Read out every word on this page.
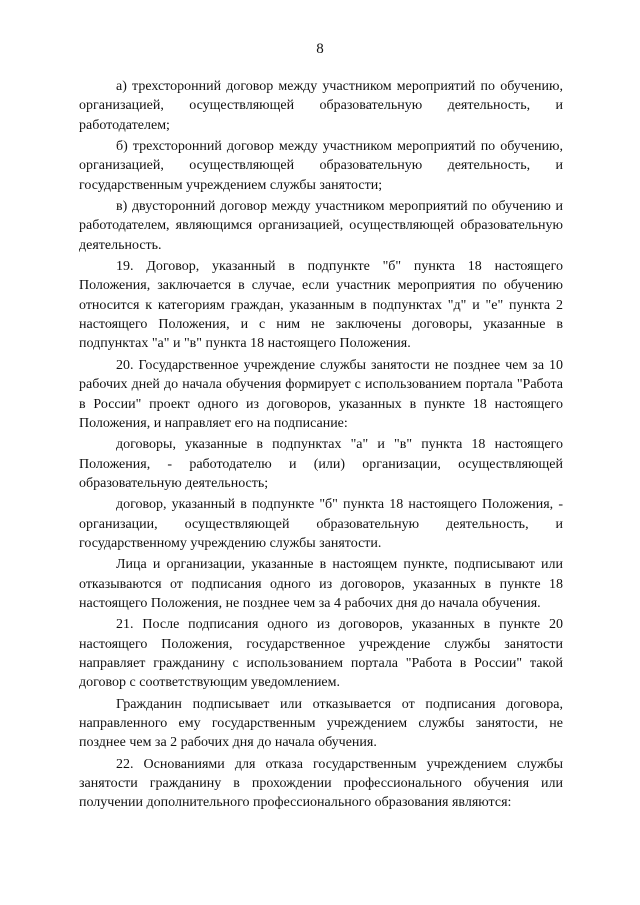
8

а) трехсторонний договор между участником мероприятий по обучению, организацией, осуществляющей образовательную деятельность, и работодателем;

б) трехсторонний договор между участником мероприятий по обучению, организацией, осуществляющей образовательную деятельность, и государственным учреждением службы занятости;

в) двусторонний договор между участником мероприятий по обучению и работодателем, являющимся организацией, осуществляющей образовательную деятельность.

19. Договор, указанный в подпункте "б" пункта 18 настоящего Положения, заключается в случае, если участник мероприятия по обучению относится к категориям граждан, указанным в подпунктах "д" и "е" пункта 2 настоящего Положения, и с ним не заключены договоры, указанные в подпунктах "а" и "в" пункта 18 настоящего Положения.

20. Государственное учреждение службы занятости не позднее чем за 10 рабочих дней до начала обучения формирует с использованием портала "Работа в России" проект одного из договоров, указанных в пункте 18 настоящего Положения, и направляет его на подписание:

договоры, указанные в подпунктах "а" и "в" пункта 18 настоящего Положения, - работодателю и (или) организации, осуществляющей образовательную деятельность;

договор, указанный в подпункте "б" пункта 18 настоящего Положения, - организации, осуществляющей образовательную деятельность, и государственному учреждению службы занятости.

Лица и организации, указанные в настоящем пункте, подписывают или отказываются от подписания одного из договоров, указанных в пункте 18 настоящего Положения, не позднее чем за 4 рабочих дня до начала обучения.

21. После подписания одного из договоров, указанных в пункте 20 настоящего Положения, государственное учреждение службы занятости направляет гражданину с использованием портала "Работа в России" такой договор с соответствующим уведомлением.

Гражданин подписывает или отказывается от подписания договора, направленного ему государственным учреждением службы занятости, не позднее чем за 2 рабочих дня до начала обучения.

22. Основаниями для отказа государственным учреждением службы занятости гражданину в прохождении профессионального обучения или получении дополнительного профессионального образования являются:
